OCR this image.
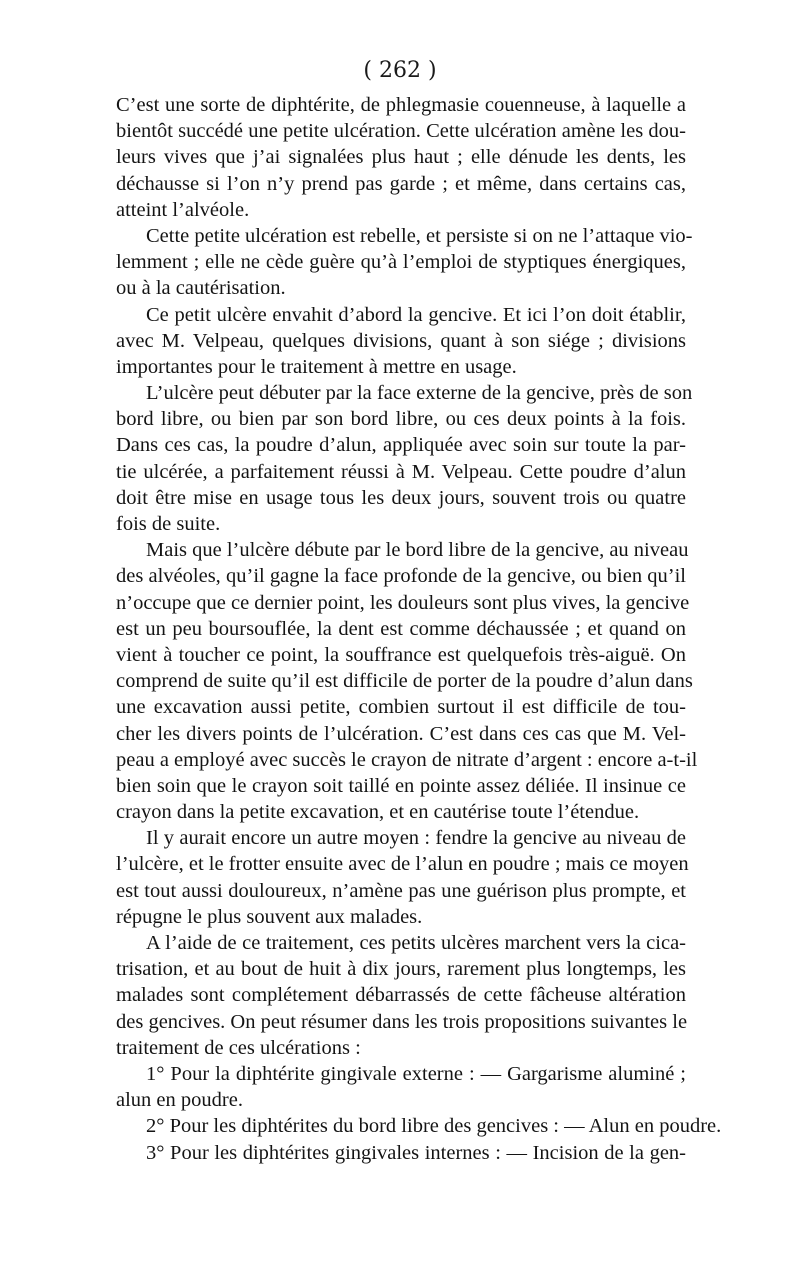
( 262 )
C’est une sorte de diphtérite, de phlegmasie couenneuse, à laquelle a
bientôt succédé une petite ulcération. Cette ulcération amène les dou-
leurs vives que j’ai signalées plus haut ; elle dénude les dents, les
déchausse si l’on n’y prend pas garde ; et même, dans certains cas,
atteint l’alvéole.
Cette petite ulcération est rebelle, et persiste si on ne l’attaque vio-
lemment ; elle ne cède guère qu’à l’emploi de styptiques énergiques,
ou à la cautérisation.
Ce petit ulcère envahit d’abord la gencive. Et ici l’on doit établir,
avec M. Velpeau, quelques divisions, quant à son siége ; divisions
importantes pour le traitement à mettre en usage.
L’ulcère peut débuter par la face externe de la gencive, près de son
bord libre, ou bien par son bord libre, ou ces deux points à la fois.
Dans ces cas, la poudre d’alun, appliquée avec soin sur toute la par-
tie ulcérée, a parfaitement réussi à M. Velpeau. Cette poudre d’alun
doit être mise en usage tous les deux jours, souvent trois ou quatre
fois de suite.
Mais que l’ulcère débute par le bord libre de la gencive, au niveau
des alvéoles, qu’il gagne la face profonde de la gencive, ou bien qu’il
n’occupe que ce dernier point, les douleurs sont plus vives, la gencive
est un peu boursouflée, la dent est comme déchaussée ; et quand on
vient à toucher ce point, la souffrance est quelquefois très-aiguë. On
comprend de suite qu’il est difficile de porter de la poudre d’alun dans
une excavation aussi petite, combien surtout il est difficile de tou-
cher les divers points de l’ulcération. C’est dans ces cas que M. Vel-
peau a employé avec succès le crayon de nitrate d’argent : encore a-t-il
bien soin que le crayon soit taillé en pointe assez déliée. Il insinue ce
crayon dans la petite excavation, et en cautérise toute l’étendue.
Il y aurait encore un autre moyen : fendre la gencive au niveau de
l’ulcère, et le frotter ensuite avec de l’alun en poudre ; mais ce moyen
est tout aussi douloureux, n’amène pas une guérison plus prompte, et
répugne le plus souvent aux malades.
A l’aide de ce traitement, ces petits ulcères marchent vers la cica-
trisation, et au bout de huit à dix jours, rarement plus longtemps, les
malades sont complétement débarrassés de cette fâcheuse altération
des gencives. On peut résumer dans les trois propositions suivantes le
traitement de ces ulcérations :
1° Pour la diphtérite gingivale externe : — Gargarisme aluminé ;
alun en poudre.
2° Pour les diphtérites du bord libre des gencives : — Alun en poudre.
3° Pour les diphtérites gingivales internes : — Incision de la gen-
